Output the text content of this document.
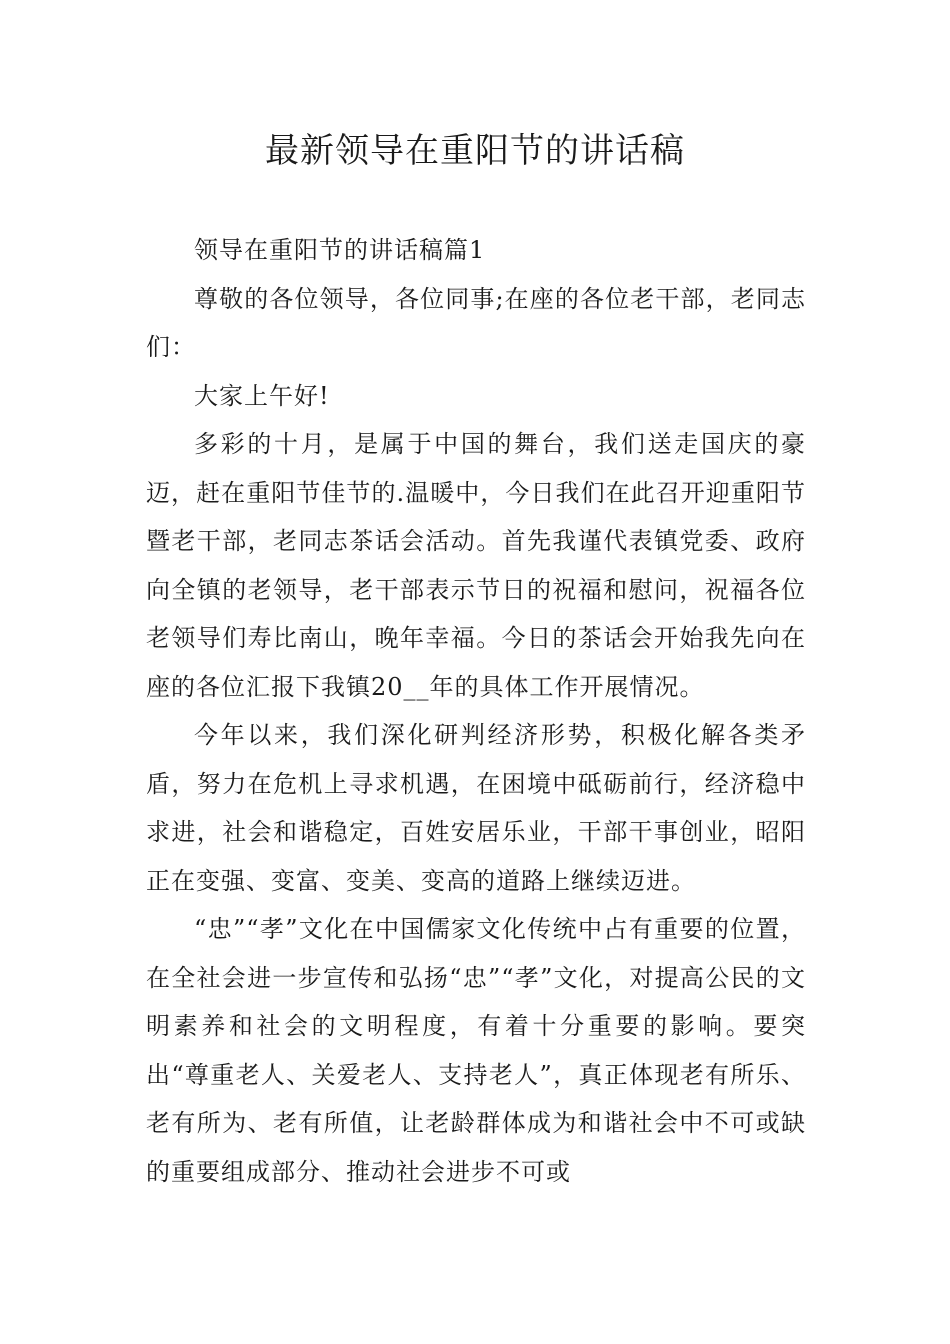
最新领导在重阳节的讲话稿

领导在重阳节的讲话稿篇1

尊敬的各位领导，各位同事;在座的各位老干部，老同志们：

大家上午好!

多彩的十月，是属于中国的舞台，我们送走国庆的豪迈，赶在重阳节佳节的.温暖中，今日我们在此召开迎重阳节暨老干部，老同志茶话会活动。首先我谨代表镇党委、政府向全镇的老领导，老干部表示节日的祝福和慰问，祝福各位老领导们寿比南山，晚年幸福。今日的茶话会开始我先向在座的各位汇报下我镇20__年的具体工作开展情况。

今年以来，我们深化研判经济形势，积极化解各类矛盾，努力在危机上寻求机遇，在困境中砥砺前行，经济稳中求进，社会和谐稳定，百姓安居乐业，干部干事创业，昭阳正在变强、变富、变美、变高的道路上继续迈进。

“忠”“孝”文化在中国儒家文化传统中占有重要的位置，在全社会进一步宣传和弘扬“忠”“孝”文化，对提高公民的文明素养和社会的文明程度，有着十分重要的影响。要突出“尊重老人、关爱老人、支持老人”，真正体现老有所乐、老有所为、老有所值，让老龄群体成为和谐社会中不可或缺的重要组成部分、推动社会进步不可或
